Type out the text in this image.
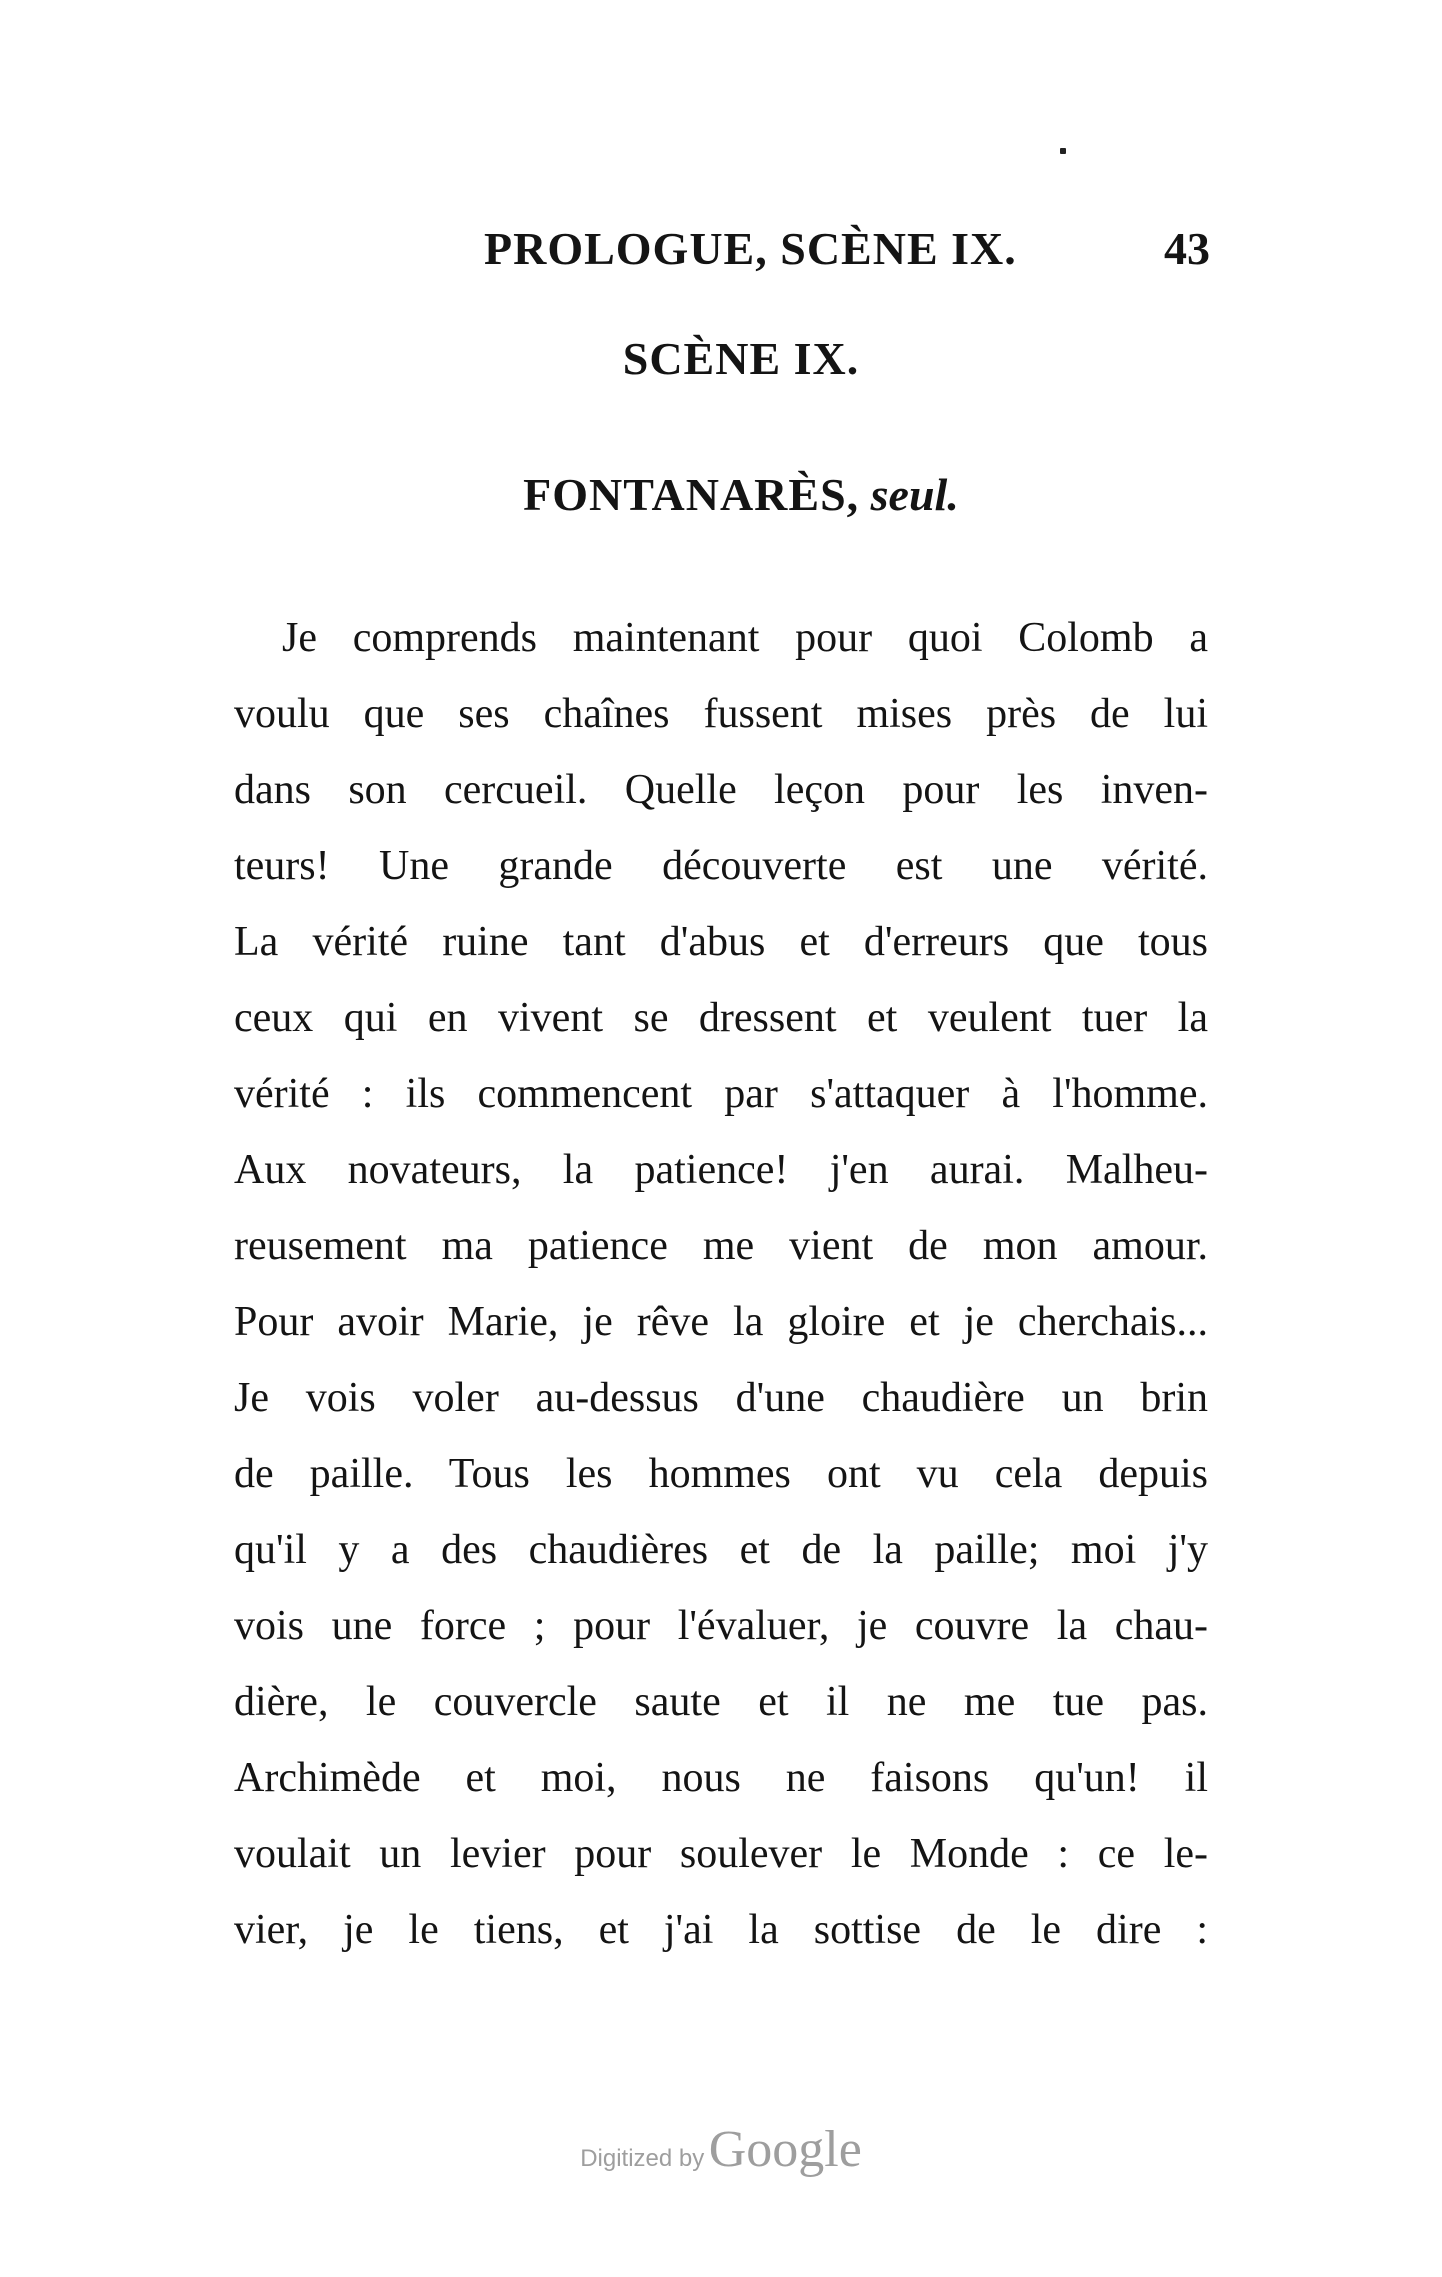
PROLOGUE, SCÈNE IX.	43
SCÈNE IX.
FONTANARÈS, seul.
Je comprends maintenant pour quoi Colomb a
voulu que ses chaînes fussent mises près de lui
dans son cercueil. Quelle leçon pour les inven-
teurs! Une grande découverte est une vérité.
La vérité ruine tant d'abus et d'erreurs que tous
ceux qui en vivent se dressent et veulent tuer la
vérité : ils commencent par s'attaquer à l'homme.
Aux novateurs, la patience! j'en aurai. Malheu-
reusement ma patience me vient de mon amour.
Pour avoir Marie, je rêve la gloire et je cherchais...
Je vois voler au-dessus d'une chaudière un brin
de paille. Tous les hommes ont vu cela depuis
qu'il y a des chaudières et de la paille; moi j'y
vois une force ; pour l'évaluer, je couvre la chau-
dière, le couvercle saute et il ne me tue pas.
Archimède et moi, nous ne faisons qu'un! il
voulait un levier pour soulever le Monde : ce le-
vier, je le tiens, et j'ai la sottise de le dire :
Digitized by Google
